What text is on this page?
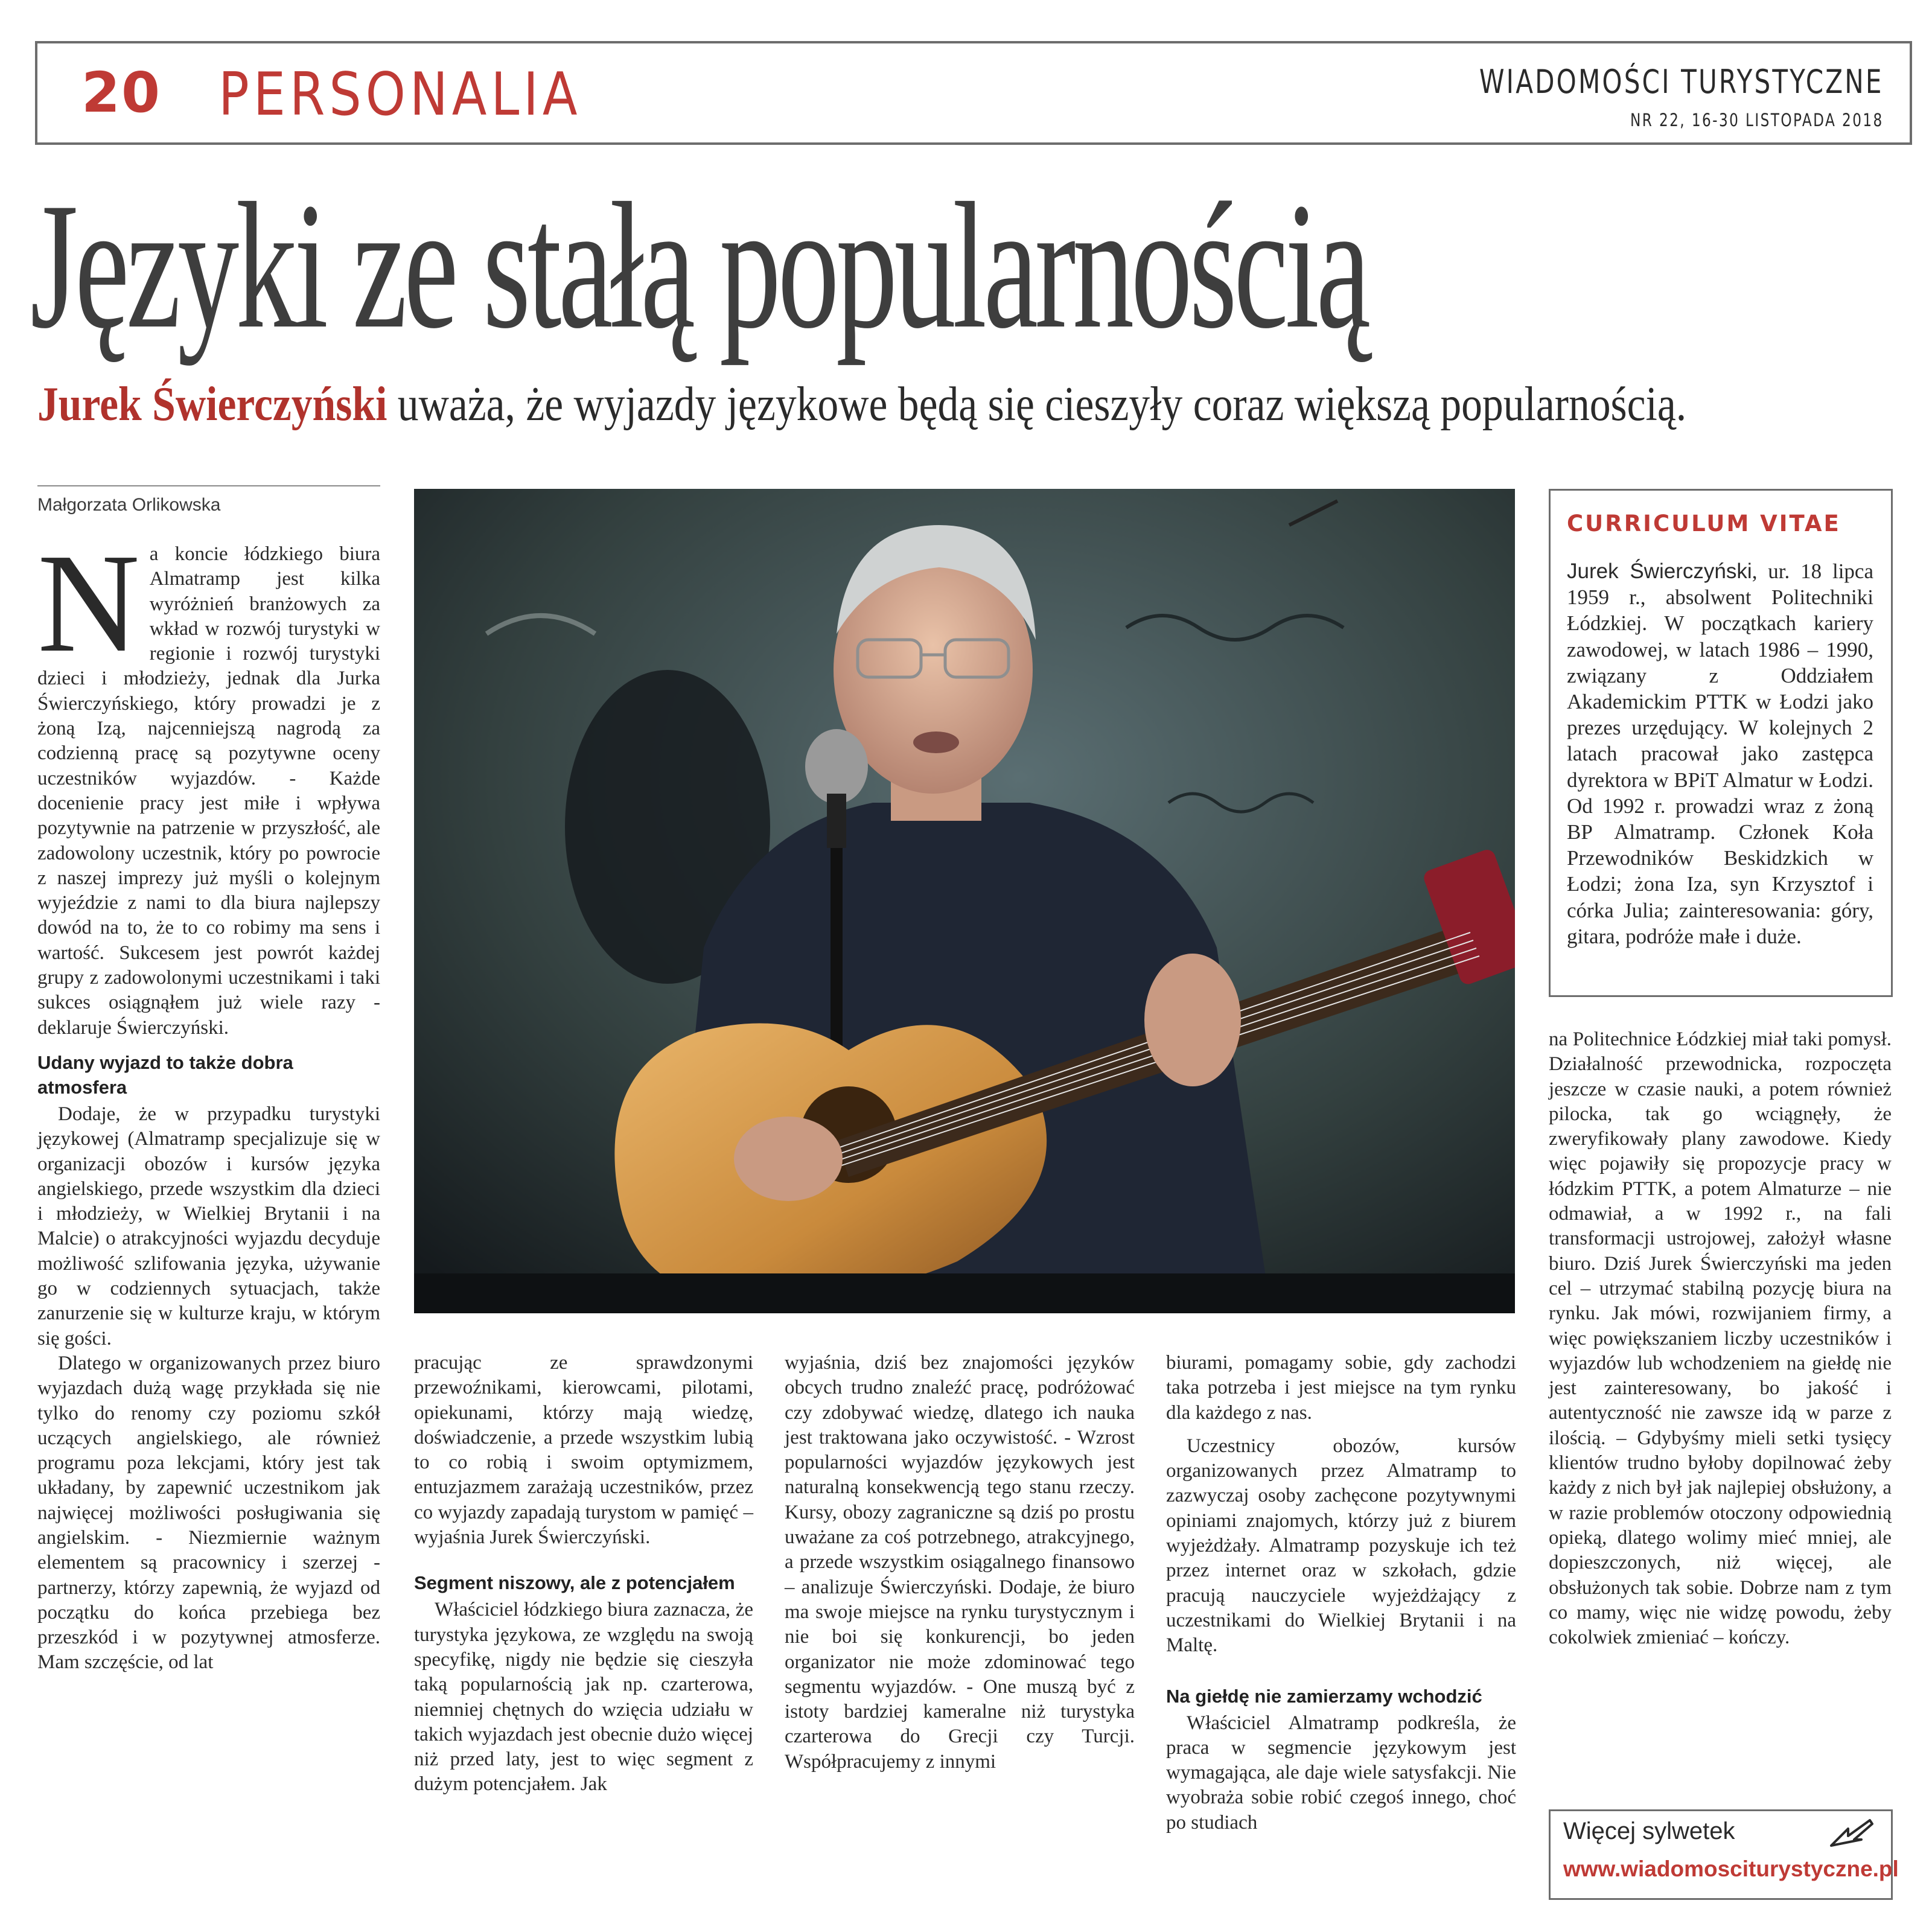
20 PERSONALIA	WIADOMOŚCI TURYSTYCZNE
NR 22, 16-30 LISTOPADA 2018
Języki ze stałą popularnością
Jurek Świerczyński uważa, że wyjazdy językowe będą się cieszyły coraz większą popularnością.
Małgorzata Orlikowska
N a koncie łódzkiego biura Almatramp jest kilka wyróżnień branżowych za wkład w rozwój turystyki w regionie i rozwój turystyki dzieci i młodzieży, jednak dla Jurka Świerczyńskiego, który prowadzi je z żoną Izą, najcenniejszą nagrodą za codzienną pracę są pozytywne oceny uczestników wyjazdów. - Każde docenienie pracy jest miłe i wpływa pozytywnie na patrzenie w przyszłość, ale zadowolony uczestnik, który po powrocie z naszej imprezy już myśli o kolejnym wyjeździe z nami to dla biura najlepszy dowód na to, że to co robimy ma sens i wartość. Sukcesem jest powrót każdej grupy z zadowolonymi uczestnikami i taki sukces osiągnąłem już wiele razy - deklaruje Świerczyński.

Udany wyjazd to także dobra atmosfera

Dodaje, że w przypadku turystyki językowej (Almatramp specjalizuje się w organizacji obozów i kursów języka angielskiego, przede wszystkim dla dzieci i młodzieży, w Wielkiej Brytanii i na Malcie) o atrakcyjności wyjazdu decyduje możliwość szlifowania języka, używanie go w codziennych sytuacjach, także zanurzenie się w kulturze kraju, w którym się gości.

Dlatego w organizowanych przez biuro wyjazdach dużą wagę przykłada się nie tylko do renomy czy poziomu szkół uczących angielskiego, ale również programu poza lekcjami, który jest tak układany, by zapewnić uczestnikom jak najwięcej możliwości posługiwania się angielskim. - Niezmiernie ważnym elementem są pracownicy i szerzej - partnerzy, którzy zapewnią, że wyjazd od początku do końca przebiega bez przeszkód i w pozytywnej atmosferze. Mam szczęście, od lat

CURRICULUM VITAE
Jurek Świerczyński, ur. 18 lipca 1959 r., absolwent Politechniki Łódzkiej. W początkach kariery zawodowej, w latach 1986 – 1990, związany z Oddziałem Akademickim PTTK w Łodzi jako prezes urzędujący. W kolejnych 2 latach pracował jako zastępca dyrektora w BPiT Almatur w Łodzi. Od 1992 r. prowadzi wraz z żoną BP Almatramp. Członek Koła Przewodników Beskidzkich w Łodzi; żona Iza, syn Krzysztof i córka Julia; zainteresowania: góry, gitara, podróże małe i duże.

pracując ze sprawdzonymi przewoźnikami, kierowcami, pilotami, opiekunami, którzy mają wiedzę, doświadczenie, a przede wszystkim lubią to co robią i swoim optymizmem, entuzjazmem zarażają uczestników, przez co wyjazdy zapadają turystom w pamięć – wyjaśnia Jurek Świerczyński.

Segment niszowy, ale z potencjałem

Właściciel łódzkiego biura zaznacza, że turystyka językowa, ze względu na swoją specyfikę, nigdy nie będzie się cieszyła taką popularnością jak np. czarterowa, niemniej chętnych do wzięcia udziału w takich wyjazdach jest obecnie dużo więcej niż przed laty, jest to więc segment z dużym potencjałem. Jak

wyjaśnia, dziś bez znajomości języków obcych trudno znaleźć pracę, podróżować czy zdobywać wiedzę, dlatego ich nauka jest traktowana jako oczywistość. - Wzrost popularności wyjazdów językowych jest naturalną konsekwencją tego stanu rzeczy. Kursy, obozy zagraniczne są dziś po prostu uważane za coś potrzebnego, atrakcyjnego, a przede wszystkim osiągalnego finansowo – analizuje Świerczyński. Dodaje, że biuro ma swoje miejsce na rynku turystycznym i nie boi się konkurencji, bo jeden organizator nie może zdominować tego segmentu wyjazdów. - One muszą być z istoty bardziej kameralne niż turystyka czarterowa do Grecji czy Turcji. Współpracujemy z innymi

biurami, pomagamy sobie, gdy zachodzi taka potrzeba i jest miejsce na tym rynku dla każdego z nas.

Uczestnicy obozów, kursów organizowanych przez Almatramp to zazwyczaj osoby zachęcone pozytywnymi opiniami znajomych, którzy już z biurem wyjeżdżały. Almatramp pozyskuje ich też przez internet oraz w szkołach, gdzie pracują nauczyciele wyjeżdżający z uczestnikami do Wielkiej Brytanii i na Maltę.

Na giełdę nie zamierzamy wchodzić

Właściciel Almatramp podkreśla, że praca w segmencie językowym jest wymagająca, ale daje wiele satysfakcji. Nie wyobraża sobie robić czegoś innego, choć po studiach

na Politechnice Łódzkiej miał taki pomysł. Działalność przewodnicka, rozpoczęta jeszcze w czasie nauki, a potem również pilocka, tak go wciągnęły, że zweryfikowały plany zawodowe. Kiedy więc pojawiły się propozycje pracy w łódzkim PTTK, a potem Almaturze – nie odmawiał, a w 1992 r., na fali transformacji ustrojowej, założył własne biuro. Dziś Jurek Świerczyński ma jeden cel – utrzymać stabilną pozycję biura na rynku. Jak mówi, rozwijaniem firmy, a więc powiększaniem liczby uczestników i wyjazdów lub wchodzeniem na giełdę nie jest zainteresowany, bo jakość i autentyczność nie zawsze idą w parze z ilością. – Gdybyśmy mieli setki tysięcy klientów trudno byłoby dopilnować żeby każdy z nich był jak najlepiej obsłużony, a w razie problemów otoczony odpowiednią opieką, dlatego wolimy mieć mniej, ale dopieszczonych, niż więcej, ale obsłużonych tak sobie. Dobrze nam z tym co mamy, więc nie widzę powodu, żeby cokolwiek zmieniać – kończy.

Więcej sylwetek
www.wiadomosciturystyczne.pl
